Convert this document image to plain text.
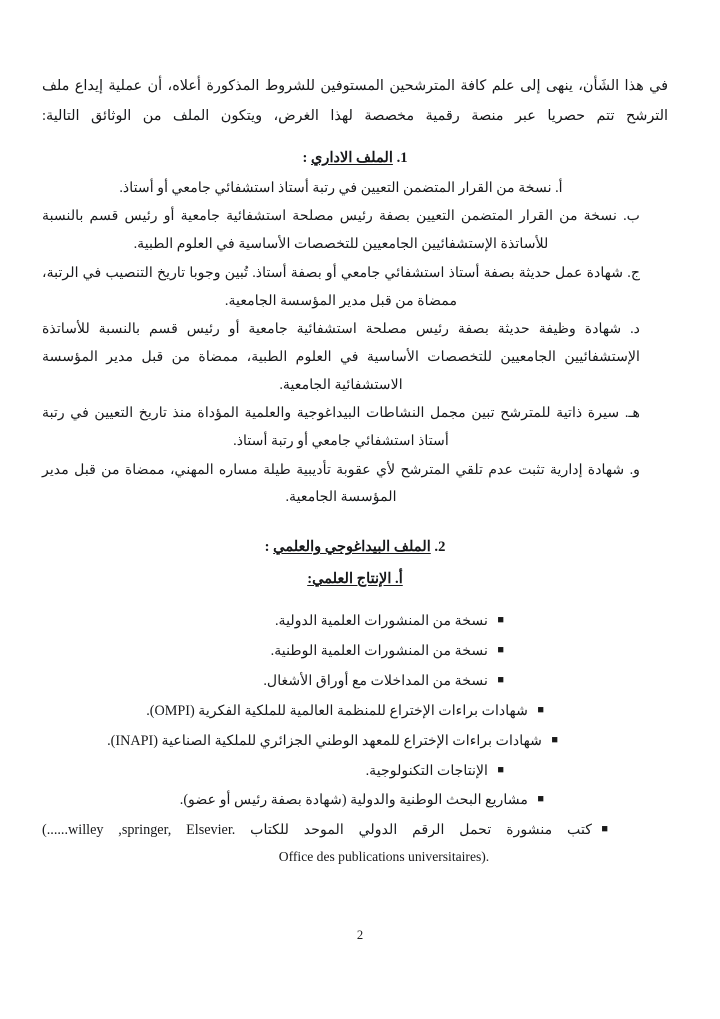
في هذا الشَأن، ينهى إلى علم كافة المترشحين المستوفين للشروط المذكورة أعلاه، أن عملية إيداع ملف
الترشح تتم حصريا عبر منصة رقمية مخصصة لهذا الغرض، ويتكون الملف من الوثائق التالية:

1. الملف الاداري :
أ. نسخة من القرار المتضمن التعيين في رتبة أستاذ استشفائي جامعي أو أستاذ.
ب. نسخة من القرار المتضمن التعيين بصفة رئيس مصلحة استشفائية جامعية أو رئيس قسم بالنسبة للأساتذة الإستشفائيين الجامعيين للتخصصات الأساسية في العلوم الطبية.
ج. شهادة عمل حديثة بصفة أستاذ استشفائي جامعي أو بصفة أستاذ. تُبين وجوبا تاريخ التنصيب في الرتبة، ممضاة من قبل مدير المؤسسة الجامعية.
د. شهادة وظيفة حديثة بصفة رئيس مصلحة استشفائية جامعية أو رئيس قسم بالنسبة للأساتذة الإستشفائيين الجامعيين للتخصصات الأساسية في العلوم الطبية، ممضاة من قبل مدير المؤسسة الاستشفائية الجامعية.
هـ. سيرة ذاتية للمترشح تبين مجمل النشاطات البيداغوجية والعلمية المؤداة منذ تاريخ التعيين في رتبة أستاذ استشفائي جامعي أو رتبة أستاذ.
و. شهادة إدارية تثبت عدم تلقي المترشح لأي عقوبة تأديبية طيلة مساره المهني، ممضاة من قبل مدير المؤسسة الجامعية.
2. الملف البيداغوجي والعلمي :
أ. الإنتاج العلمي:
■
نسخة من المنشورات العلمية الدولية.
■
نسخة من المنشورات العلمية الوطنية.
■
نسخة من المداخلات مع أوراق الأشغال.
■
شهادات براءات الإختراع للمنظمة العالمية للملكية الفكرية (OMPI).
■
شهادات براءات الإختراع للمعهد الوطني الجزائري للملكية الصناعية (INAPI).
■
الإنتاجات التكنولوجية.
■
مشاريع البحث الوطنية والدولية (شهادة بصفة رئيس أو عضو).
■
كتب منشورة تحمل الرقم الدولي الموحد للكتاب (......willey ,springer, Elsevier.
Office des publications universitaires).
2
